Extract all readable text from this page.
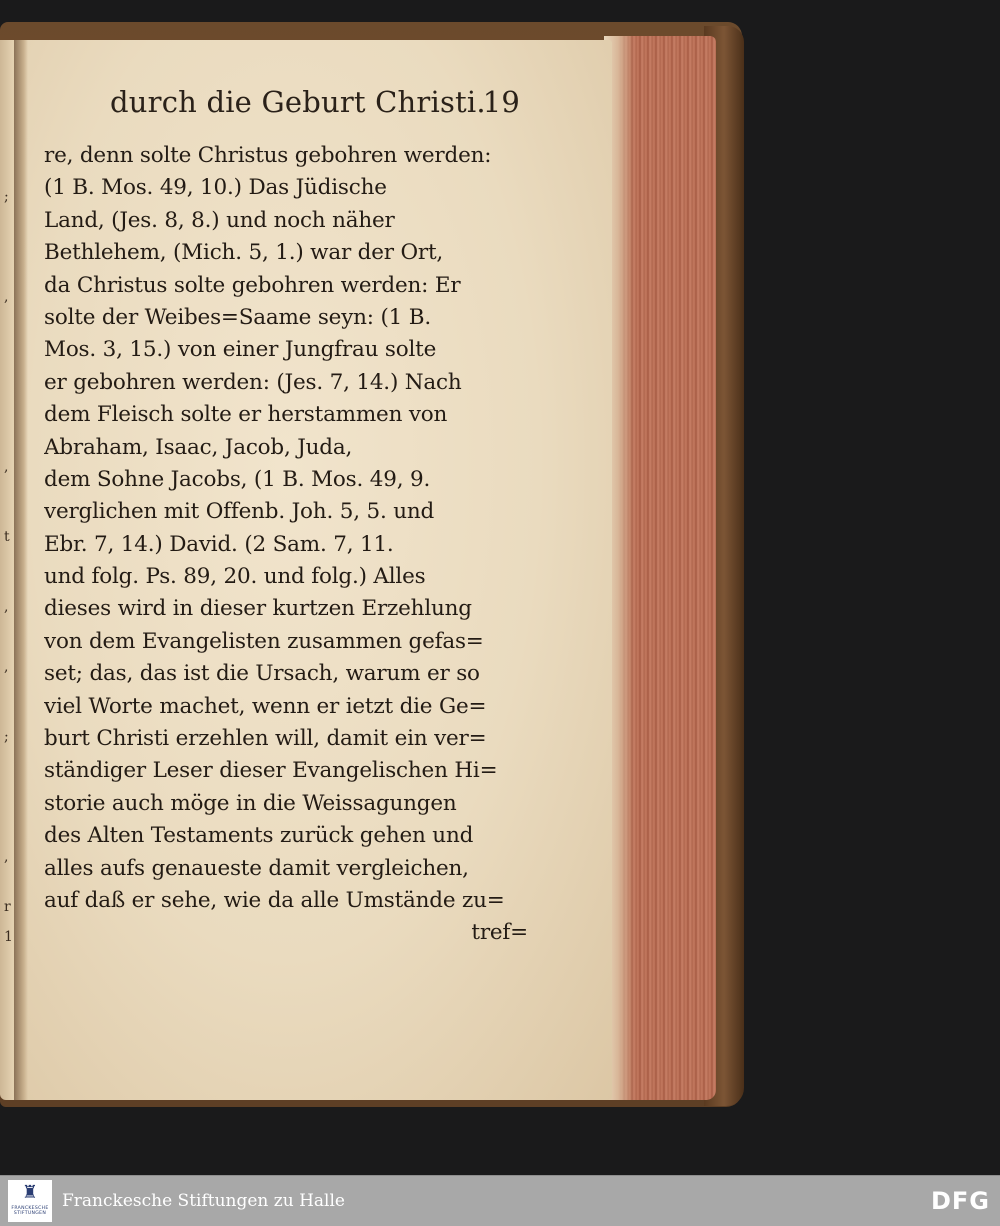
;
,
,
t
,
,
;
,
r
1
durch die Geburt Christi.
19
re, denn solte Christus gebohren werden:
(1 B. Mos. 49, 10.) Das Jüdische
Land, (Jes. 8, 8.) und noch näher
Bethlehem, (Mich. 5, 1.) war der Ort,
da Christus solte gebohren werden: Er
solte der Weibes=Saame seyn: (1 B.
Mos. 3, 15.) von einer Jungfrau solte
er gebohren werden: (Jes. 7, 14.) Nach
dem Fleisch solte er herstammen von
Abraham, Isaac, Jacob, Juda,
dem Sohne Jacobs, (1 B. Mos. 49, 9.
verglichen mit Offenb. Joh. 5, 5. und
Ebr. 7, 14.) David. (2 Sam. 7, 11.
und folg. Ps. 89, 20. und folg.) Alles
dieses wird in dieser kurtzen Erzehlung
von dem Evangelisten zusammen gefas=
set; das, das ist die Ursach, warum er so
viel Worte machet, wenn er ietzt die Ge=
burt Christi erzehlen will, damit ein ver=
ständiger Leser dieser Evangelischen Hi=
storie auch möge in die Weissagungen
des Alten Testaments zurück gehen und
alles aufs genaueste damit vergleichen,
auf daß er sehe, wie da alle Umstände zu=
tref=
♜
FRANCKESCHE STIFTUNGEN
Franckesche Stiftungen zu Halle	DFG
